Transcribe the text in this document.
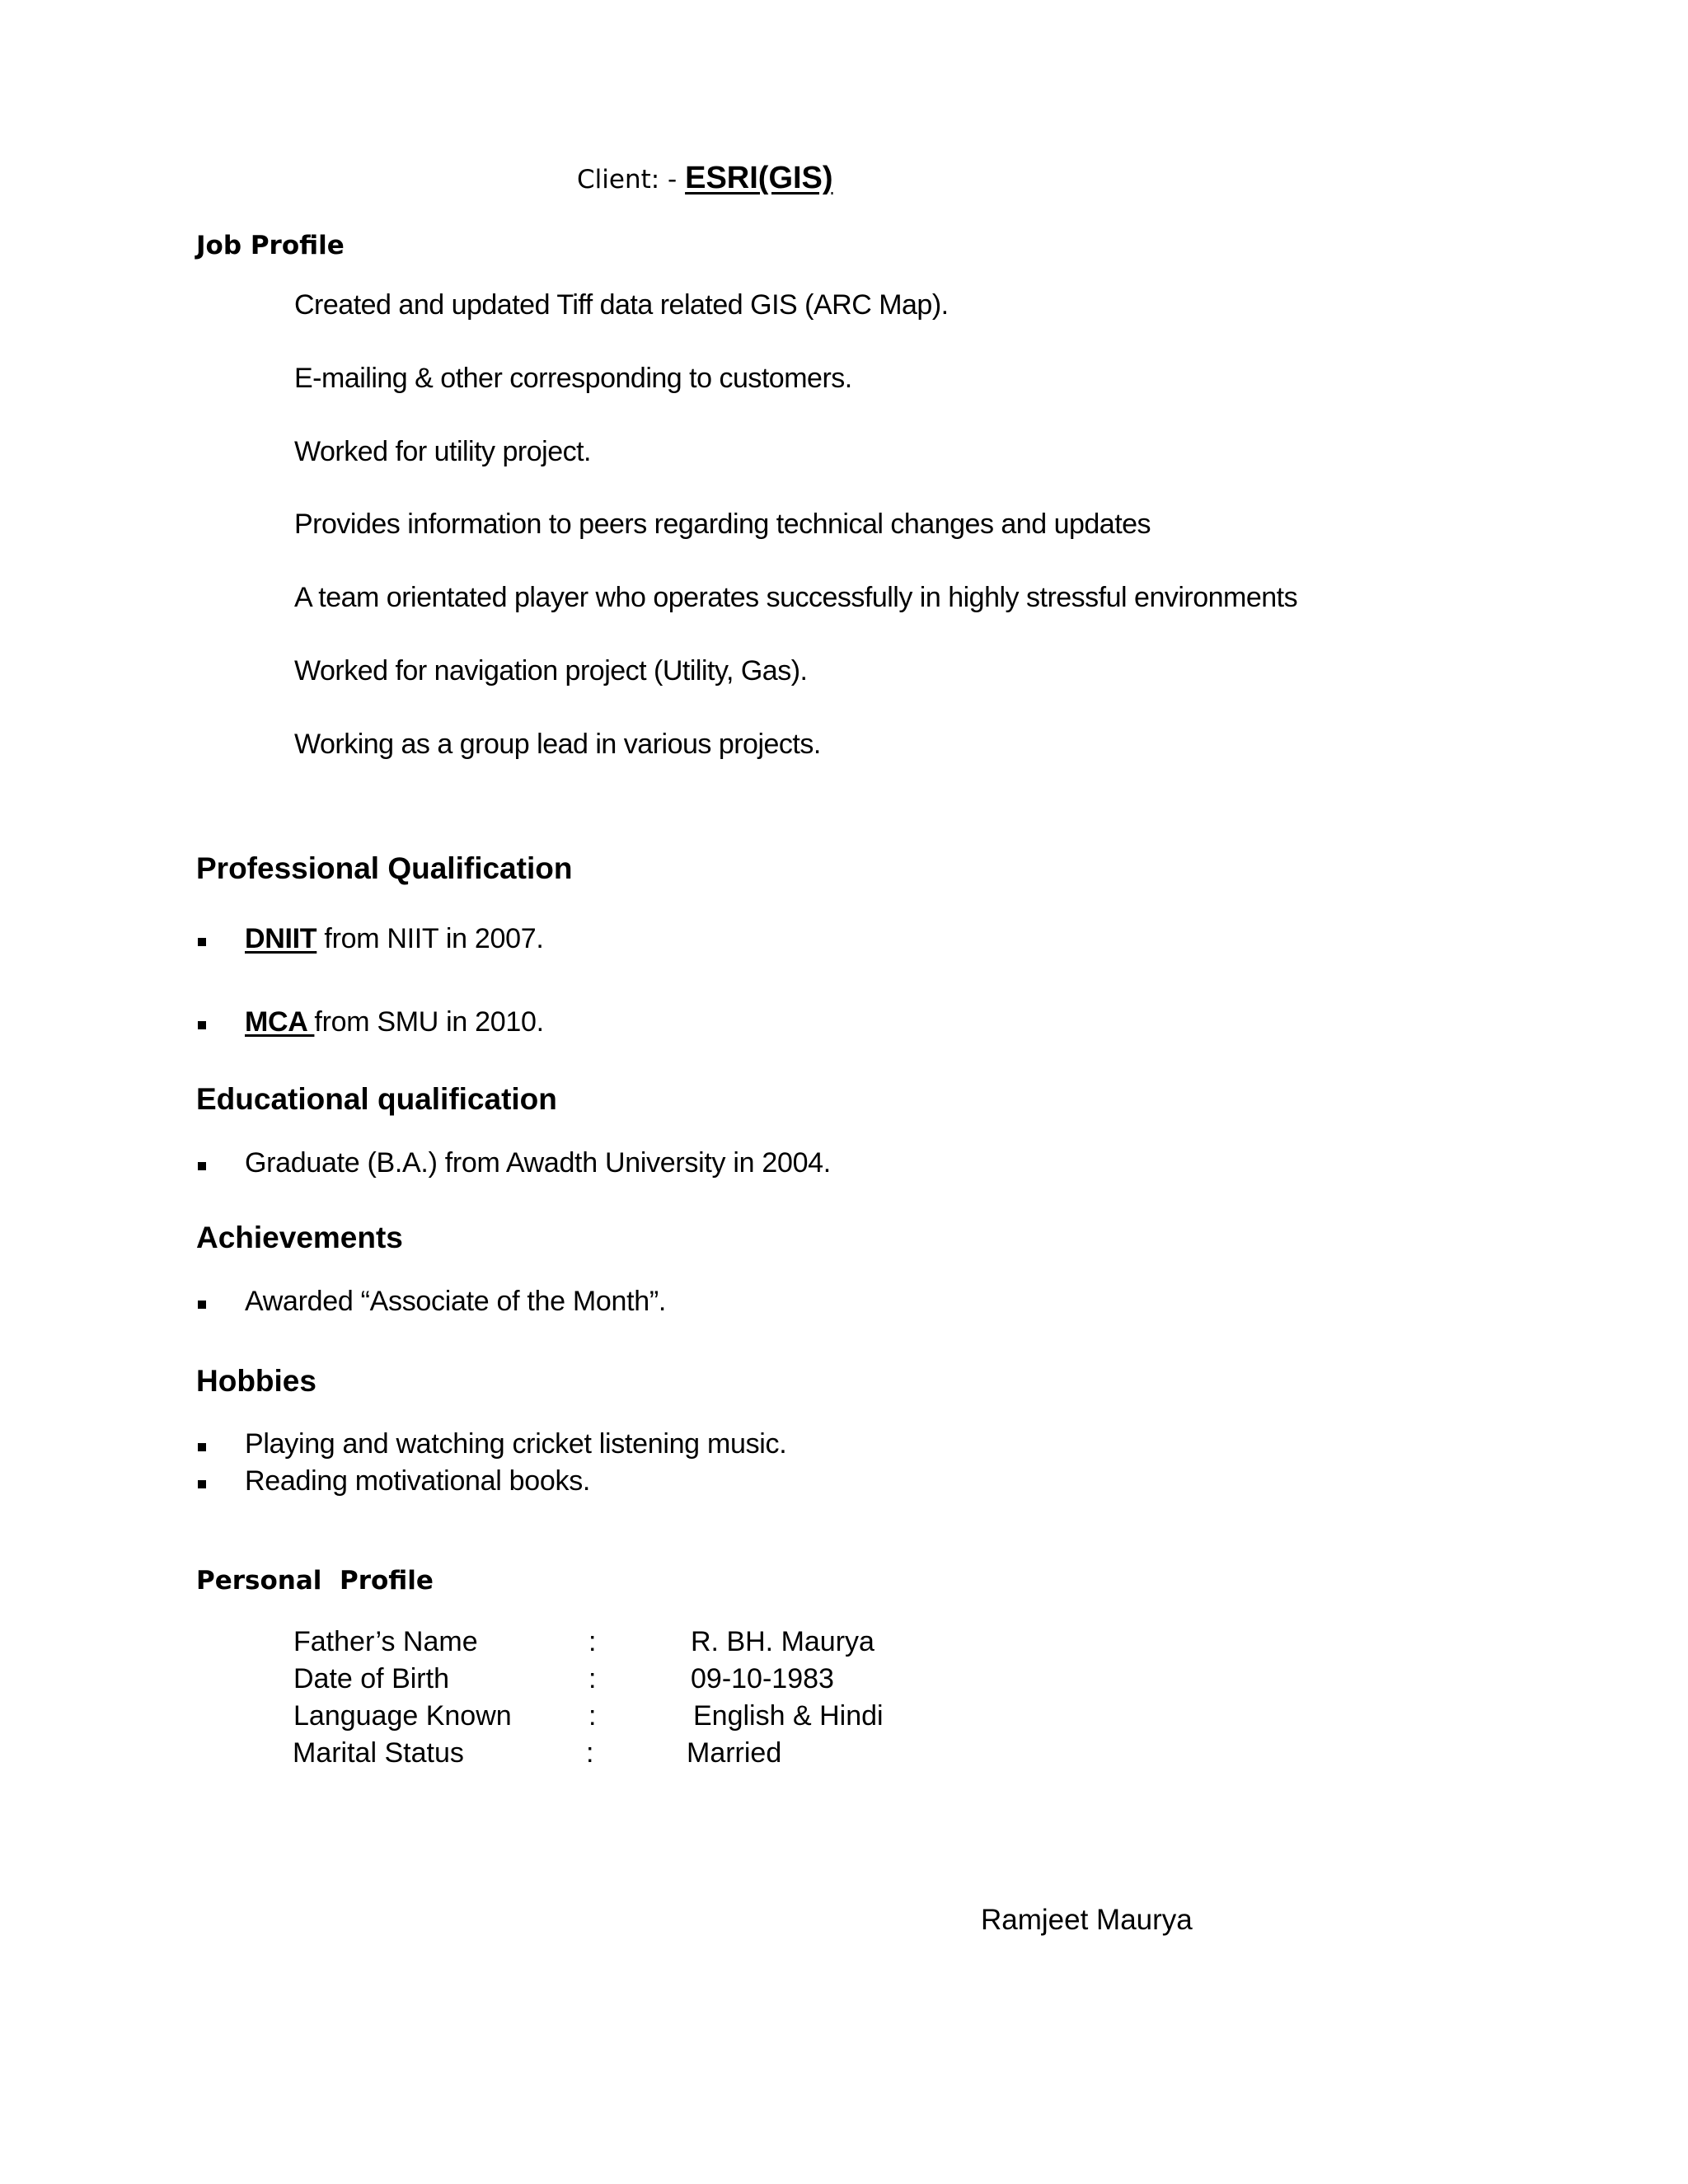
Client: - ESRI(GIS)
Job Profile
Created and updated Tiff data related GIS (ARC Map).
E-mailing & other corresponding to customers.
Worked for utility project.
Provides information to peers regarding technical changes and updates
A team orientated player who operates successfully in highly stressful environments
Worked for navigation project (Utility, Gas).
Working as a group lead in various projects.
Professional Qualification
DNIIT from NIIT in 2007.
MCA from SMU in 2010.
Educational qualification
Graduate (B.A.) from Awadth University in 2004.
Achievements
Awarded “Associate of the Month”.
Hobbies
Playing and watching cricket listening music.
Reading motivational books.
Personal  Profile
Father’s Name	:	R. BH. Maurya
Date of Birth	:	09-10-1983
Language Known	:	English & Hindi
Marital Status	:	Married
Ramjeet Maurya
